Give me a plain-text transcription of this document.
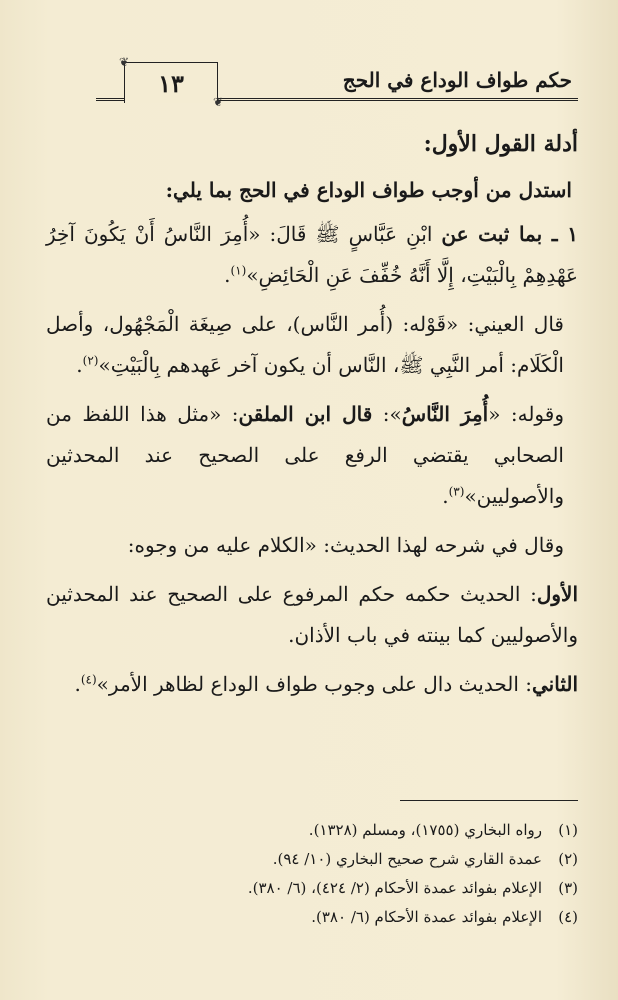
حكم طواف الوداع في الحج
❦
١٣
❦
أدلة القول الأول:
استدل من أوجب طواف الوداع في الحج بما يلي:

١ ـ بما ثبت عن ابْنِ عَبَّاسٍ ﷺ قَالَ: «أُمِرَ النَّاسُ أَنْ يَكُونَ آخِرُ عَهْدِهِمْ بِالْبَيْتِ، إِلَّا أَنَّهُ خُفِّفَ عَنِ الْحَائِضِ»$^{(١)}$.

قال العيني: «قَوْله: (أُمر النَّاس)، على صِيغَة الْمَجْهُول، وأصل الْكَلَام: أمر النَّبِي ﷺ، النَّاس أن يكون آخر عَهدهم بِالْبَيْتِ»$^{(٢)}$.

وقوله: «أُمِرَ النَّاسُ»: قال ابن الملقن: «مثل هذا اللفظ من الصحابي يقتضي الرفع على الصحيح عند المحدثين والأصوليين»$^{(٣)}$.

وقال في شرحه لهذا الحديث: «الكلام عليه من وجوه:

الأول: الحديث حكمه حكم المرفوع على الصحيح عند المحدثين والأصوليين كما بينته في باب الأذان.

الثاني: الحديث دال على وجوب طواف الوداع لظاهر الأمر»$^{(٤)}$.

(١)رواه البخاري (١٧٥٥)، ومسلم (١٣٢٨).
(٢)عمدة القاري شرح صحيح البخاري (١٠/ ٩٤).
(٣)الإعلام بفوائد عمدة الأحكام (٢/ ٤٢٤)، (٦/ ٣٨٠).
(٤)الإعلام بفوائد عمدة الأحكام (٦/ ٣٨٠).
